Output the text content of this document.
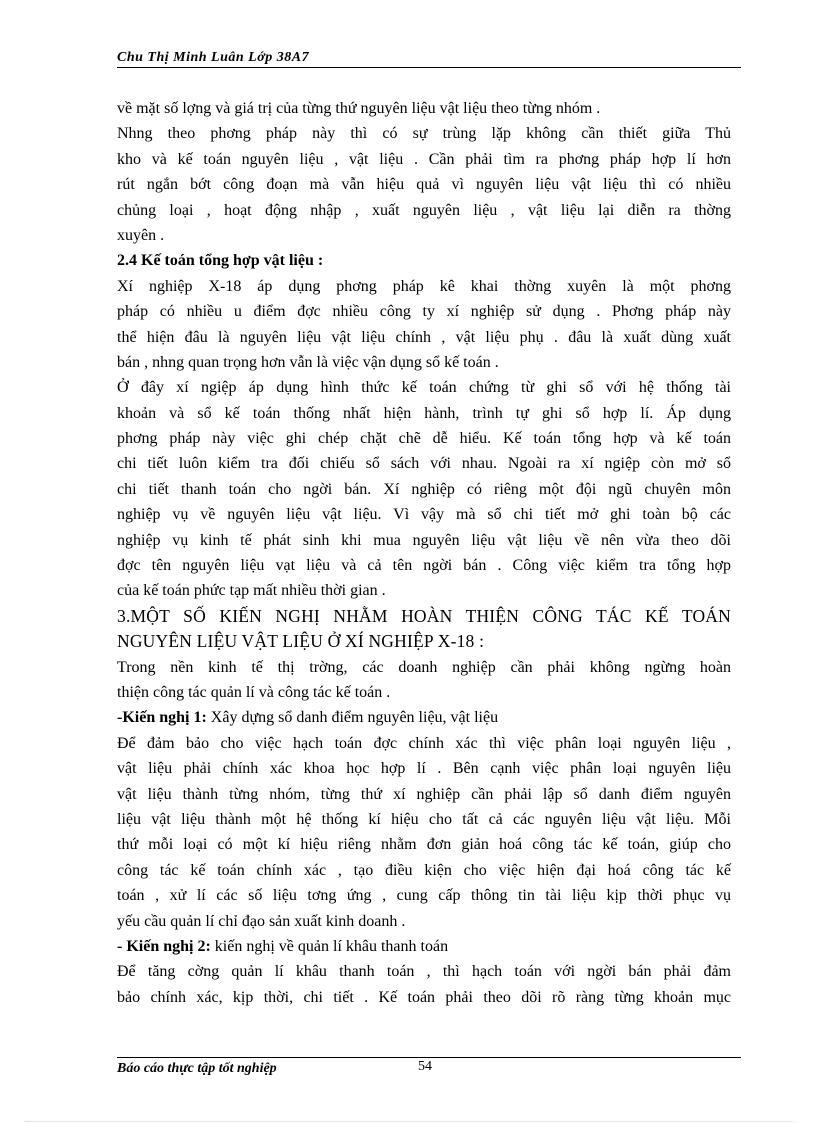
Chu Thị Minh Luân Lớp 38A7
về mặt số lợng và giá trị của từng thứ nguyên liệu vật liệu theo từng nhóm .
Nhng theo phơng pháp này thì có sự trùng lặp không cần thiết giữa Thủ
kho và kế toán nguyên liệu , vật liệu . Cần phải tìm ra phơng pháp hợp lí hơn
rút ngắn bớt công đoạn mà vẫn hiệu quả vì nguyên liệu vật liệu thì có nhiều
chủng loại , hoạt động nhập , xuất nguyên liệu , vật liệu lại diễn ra thờng
xuyên .
2.4 Kế toán tổng hợp vật liệu :
Xí nghiệp X-18 áp dụng phơng pháp kê khai thờng xuyên là một phơng
pháp có nhiều u điểm đợc nhiều công ty xí nghiệp sử dụng . Phơng pháp này
thể hiện đâu là nguyên liệu vật liệu chính , vật liệu phụ . đâu là xuất dùng xuất
bán , nhng quan trọng hơn vẫn là việc vận dụng sổ kế toán .
Ở đây xí ngiệp áp dụng hình thức kế toán chứng từ ghi sổ với hệ thống tài
khoản và sổ kế toán thống nhất hiện hành, trình tự ghi sổ hợp lí. Áp dụng
phơng pháp này việc ghi chép chặt chẽ dễ hiểu. Kế toán tổng hợp và kế toán
chi tiết luôn kiểm tra đối chiếu sổ sách với nhau. Ngoài ra xí ngiệp còn mở sổ
chi tiết thanh toán cho ngời bán. Xí nghiệp có riêng một đội ngũ chuyên môn
nghiệp vụ về nguyên liệu vật liệu. Vì vậy mà sổ chi tiết mở ghi toàn bộ các
nghiệp vụ kinh tế phát sinh khi mua nguyên liệu vật liệu về nên vừa theo dõi
đợc tên nguyên liệu vạt liệu và cả tên ngời bán . Công việc kiểm tra tổng hợp
của kế toán phức tạp mất nhiều thời gian .
3.MỘT SỐ KIẾN NGHỊ NHẰM HOÀN THIỆN CÔNG TÁC KẾ TOÁN
NGUYÊN LIỆU VẬT LIỆU Ở XÍ NGHIỆP X-18 :
Trong nền kinh tế thị trờng, các doanh nghiệp cần phải không ngừng hoàn
thiện công tác quản lí và công tác kế toán .
-Kiến nghị 1: Xây dựng sổ danh điểm nguyên liệu, vật liệu
Để đảm bảo cho việc hạch toán đợc chính xác thì việc phân loại nguyên liệu ,
vật liệu phải chính xác khoa học hợp lí . Bên cạnh việc phân loại nguyên liệu
vật liệu thành từng nhóm, từng thứ xí nghiệp cần phải lập sổ danh điểm nguyên
liệu vật liệu thành một hệ thống kí hiệu cho tất cả các nguyên liệu vật liệu. Mỗi
thứ mỗi loại có một kí hiệu riêng nhằm đơn giản hoá công tác kế toán, giúp cho
công tác kế toán chính xác , tạo điều kiện cho việc hiện đại hoá công tác kế
toán , xử lí các số liệu tơng ứng , cung cấp thông tin tài liệu kịp thời phục vụ
yếu cầu quản lí chỉ đạo sản xuất kinh doanh .
- Kiến nghị 2: kiến nghị về quản lí khâu thanh toán
Để tăng cờng quản lí khâu thanh toán , thì hạch toán với ngời bán phải đảm
bảo chính xác, kịp thời, chi tiết . Kế toán phải theo dõi rõ ràng từng khoản mục
Báo cáo thực tập tốt nghiệp	54
